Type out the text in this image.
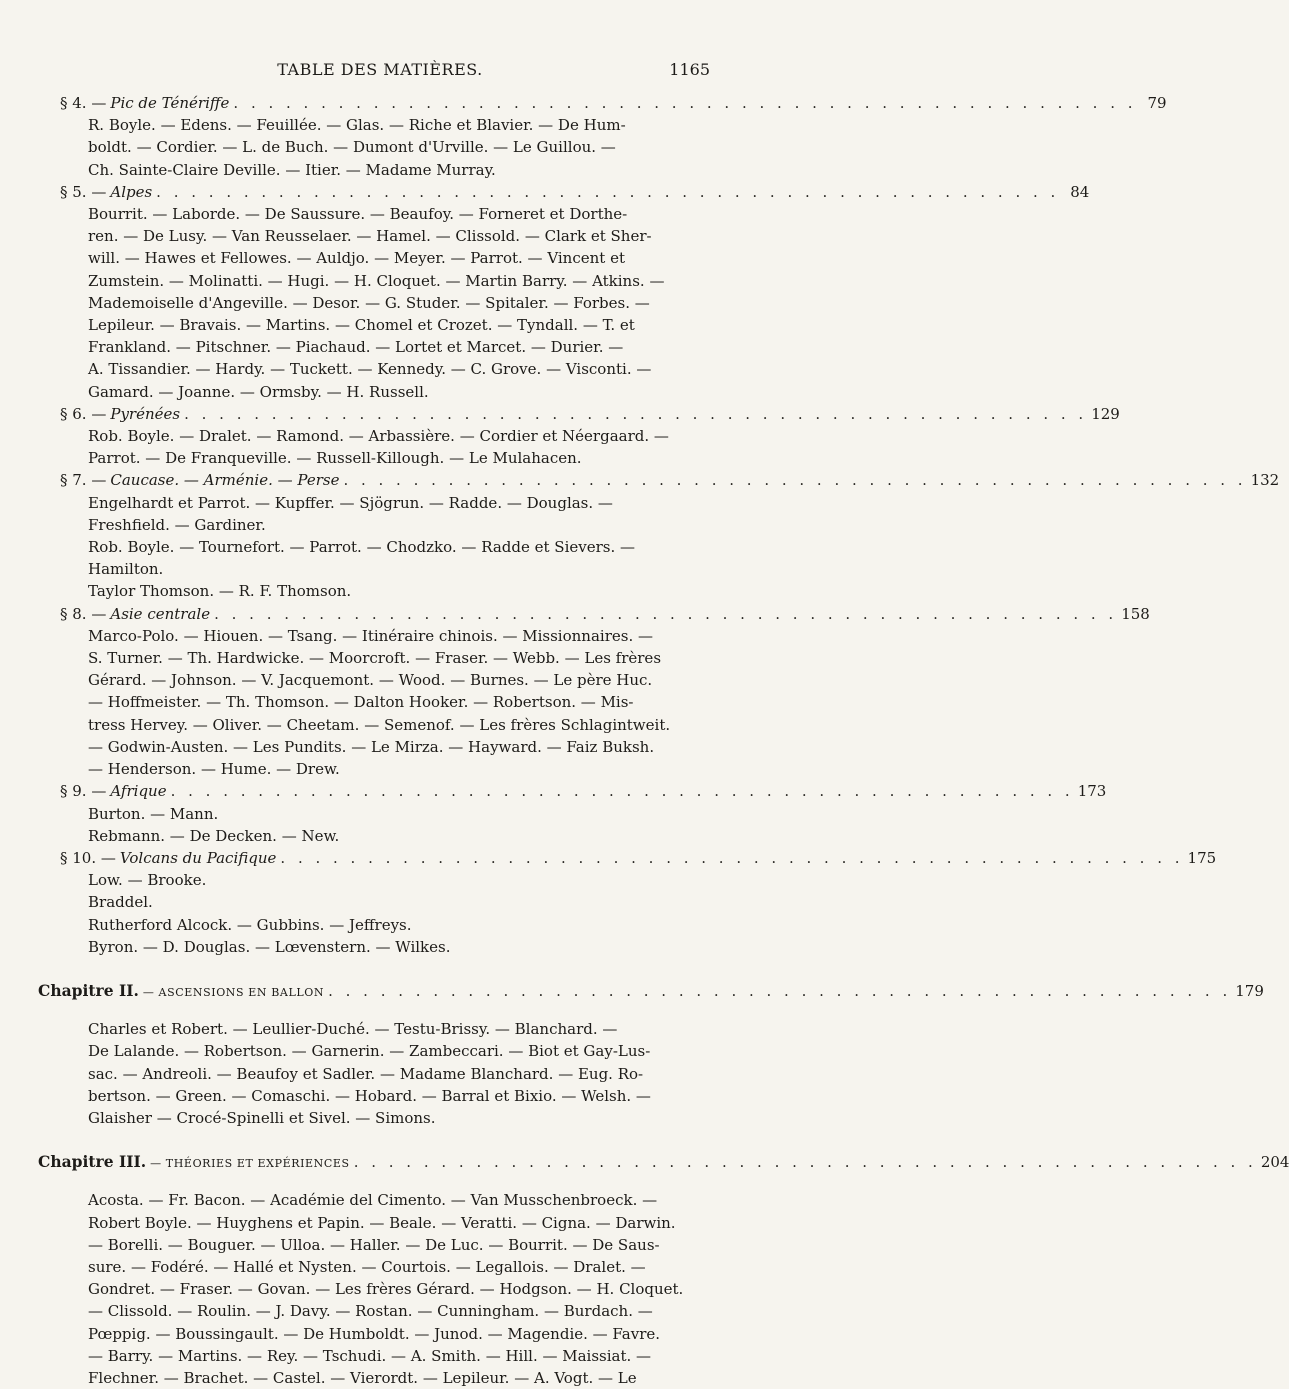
TABLE DES MATIÈRES.	1165
§ 4. — Pic de Ténériffe . . . . . . . . . . . . . . . . . . . . . . . . . . . . . . . . . . . . . . . . . . . . . . . . . . . . 79
R. Boyle. — Edens. — Feuillée. — Glas. — Riche et Blavier. — De Hum-
boldt. — Cordier. — L. de Buch. — Dumont d'Urville. — Le Guillou. —
Ch. Sainte-Claire Deville. — Itier. — Madame Murray.
§ 5. — Alpes . . . . . . . . . . . . . . . . . . . . . . . . . . . . . . . . . . . . . . . . . . . . . . . . . . . . 84
Bourrit. — Laborde. — De Saussure. — Beaufoy. — Forneret et Dorthe-
ren. — De Lusy. — Van Reusselaer. — Hamel. — Clissold. — Clark et Sher-
will. — Hawes et Fellowes. — Auldjo. — Meyer. — Parrot. — Vincent et
Zumstein. — Molinatti. — Hugi. — H. Cloquet. — Martin Barry. — Atkins. —
Mademoiselle d'Angeville. — Desor. — G. Studer. — Spitaler. — Forbes. —
Lepileur. — Bravais. — Martins. — Chomel et Crozet. — Tyndall. — T. et
Frankland. — Pitschner. — Piachaud. — Lortet et Marcet. — Durier. —
A. Tissandier. — Hardy. — Tuckett. — Kennedy. — C. Grove. — Visconti. —
Gamard. — Joanne. — Ormsby. — H. Russell.
§ 6. — Pyrénées . . . . . . . . . . . . . . . . . . . . . . . . . . . . . . . . . . . . . . . . . . . . . . . . . . . . 129
Rob. Boyle. — Dralet. — Ramond. — Arbassière. — Cordier et Néergaard. —
Parrot. — De Franqueville. — Russell-Killough. — Le Mulahacen.
§ 7. — Caucase. — Arménie. — Perse . . . . . . . . . . . . . . . . . . . . . . . . . . . . . . . . . . . . . . . . . . . . . . . . . . . . 132
Engelhardt et Parrot. — Kupffer. — Sjögrun. — Radde. — Douglas. —
Freshfield. — Gardiner.
Rob. Boyle. — Tournefort. — Parrot. — Chodzko. — Radde et Sievers. —
Hamilton.
Taylor Thomson. — R. F. Thomson.
§ 8. — Asie centrale . . . . . . . . . . . . . . . . . . . . . . . . . . . . . . . . . . . . . . . . . . . . . . . . . . . . 158
Marco-Polo. — Hiouen. — Tsang. — Itinéraire chinois. — Missionnaires. —
S. Turner. — Th. Hardwicke. — Moorcroft. — Fraser. — Webb. — Les frères
Gérard. — Johnson. — V. Jacquemont. — Wood. — Burnes. — Le père Huc.
— Hoffmeister. — Th. Thomson. — Dalton Hooker. — Robertson. — Mis-
tress Hervey. — Oliver. — Cheetam. — Semenof. — Les frères Schlagintweit.
— Godwin-Austen. — Les Pundits. — Le Mirza. — Hayward. — Faiz Buksh.
— Henderson. — Hume. — Drew.
§ 9. — Afrique . . . . . . . . . . . . . . . . . . . . . . . . . . . . . . . . . . . . . . . . . . . . . . . . . . . . 173
Burton. — Mann.
Rebmann. — De Decken. — New.
§ 10. — Volcans du Pacifique . . . . . . . . . . . . . . . . . . . . . . . . . . . . . . . . . . . . . . . . . . . . . . . . . . . . 175
Low. — Brooke.
Braddel.
Rutherford Alcock. — Gubbins. — Jeffreys.
Byron. — D. Douglas. — Lœvenstern. — Wilkes.
Chapitre II. — ASCENSIONS EN BALLON . . . . . . . . . . . . . . . . . . . . . . . . . . . . . . . . . . . . . . . . . . . . . . . . . . . . 179
Charles et Robert. — Leullier-Duché. — Testu-Brissy. — Blanchard. —
De Lalande. — Robertson. — Garnerin. — Zambeccari. — Biot et Gay-Lus-
sac. — Andreoli. — Beaufoy et Sadler. — Madame Blanchard. — Eug. Ro-
bertson. — Green. — Comaschi. — Hobard. — Barral et Bixio. — Welsh. —
Glaisher — Crocé-Spinelli et Sivel. — Simons.
Chapitre III. — THÉORIES ET EXPÉRIENCES . . . . . . . . . . . . . . . . . . . . . . . . . . . . . . . . . . . . . . . . . . . . . . . . . . . . 204
Acosta. — Fr. Bacon. — Académie del Cimento. — Van Musschenbroeck. —
Robert Boyle. — Huyghens et Papin. — Beale. — Veratti. — Cigna. — Darwin.
— Borelli. — Bouguer. — Ulloa. — Haller. — De Luc. — Bourrit. — De Saus-
sure. — Fodéré. — Hallé et Nysten. — Courtois. — Legallois. — Dralet. —
Gondret. — Fraser. — Govan. — Les frères Gérard. — Hodgson. — H. Cloquet.
— Clissold. — Roulin. — J. Davy. — Rostan. — Cunningham. — Burdach. —
Pœppig. — Boussingault. — De Humboldt. — Junod. — Magendie. — Favre.
— Barry. — Martins. — Rey. — Tschudi. — A. Smith. — Hill. — Maissiat. —
Flechner. — Brachet. — Castel. — Vierordt. — Lepileur. — A. Vogt. — Le
